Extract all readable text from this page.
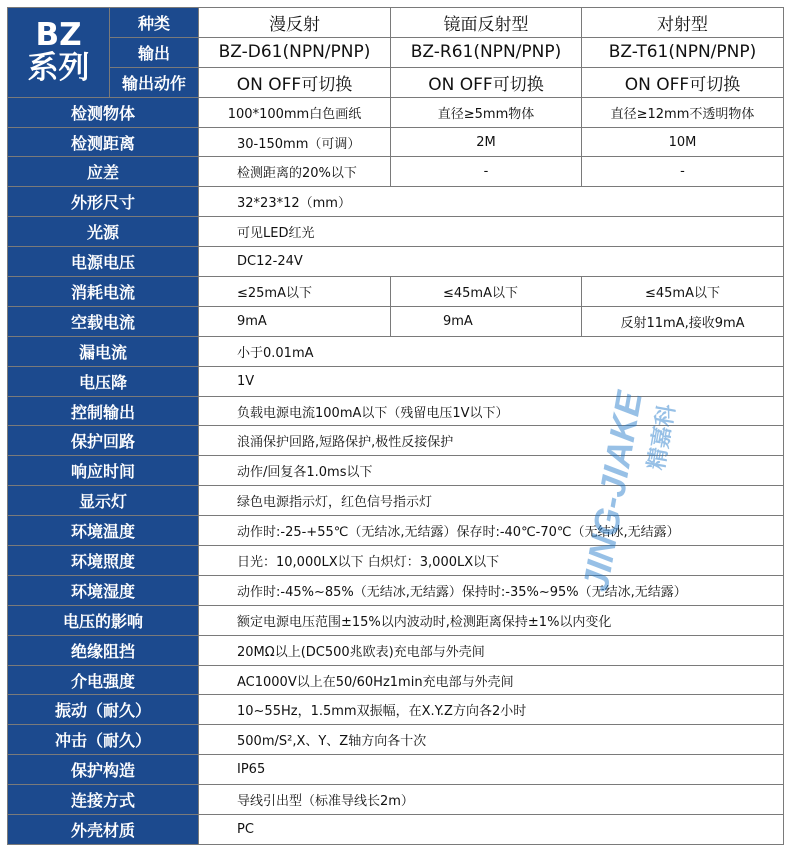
BZ
系列	种类	漫反射	镜面反射型	对射型
	输出	BZ-D61(NPN/PNP)	BZ-R61(NPN/PNP)	BZ-T61(NPN/PNP)
	输出动作	ON OFF可切换	ON OFF可切换	ON OFF可切换
检测物体		100*100mm白色画纸	直径≥5mm物体	直径≥12mm不透明物体
检测距离		30-150mm（可调）	2M	10M
应差		检测距离的20%以下	-	-
外形尺寸		32*23*12（mm）		
光源		可见LED红光		
电源电压		DC12-24V		
消耗电流		≤25mA以下	≤45mA以下	≤45mA以下
空载电流		9mA	9mA	反射11mA,接收9mA
漏电流		小于0.01mA		
电压降		1V		
控制输出		负载电源电流100mA以下（残留电压1V以下）		
保护回路		浪涌保护回路,短路保护,极性反接保护		
响应时间		动作/回复各1.0ms以下		
显示灯		绿色电源指示灯，红色信号指示灯		
环境温度		动作时:-25-+55℃（无结冰,无结露）保存时:-40℃-70℃（无结冰,无结露）		
环境照度		日光：10,000LX以下 白炽灯：3,000LX以下		
环境湿度		动作时:-45%~85%（无结冰,无结露）保持时:-35%~95%（无结冰,无结露）		
电压的影响		额定电源电压范围±15%以内波动时,检测距离保持±1%以内变化		
绝缘阻挡		20MΩ以上(DC500兆欧表)充电部与外壳间		
介电强度		AC1000V以上在50/60Hz1min充电部与外壳间		
振动（耐久）		10~55Hz，1.5mm双振幅，在X.Y.Z方向各2小时		
冲击（耐久）		500m/S²,X、Y、Z轴方向各十次		
保护构造		IP65		
连接方式		导线引出型（标准导线长2m）		
外壳材质		PC		
JING-JIAKE
精嘉科
